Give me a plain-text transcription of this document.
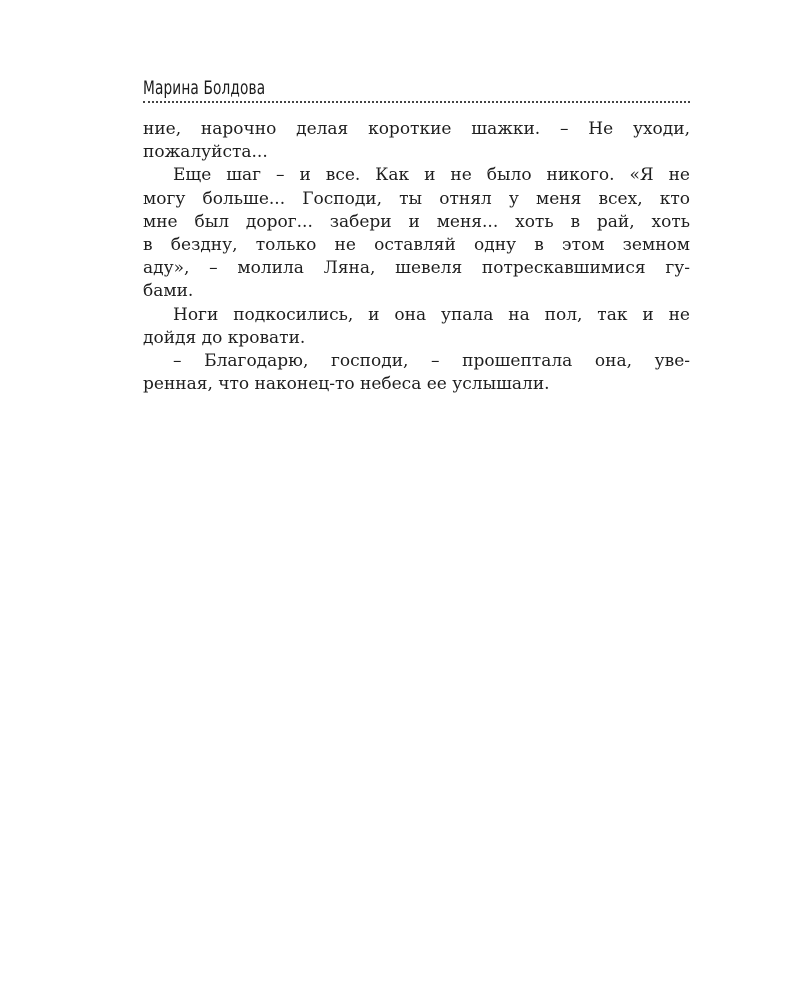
Марина Болдова
ние, нарочно делая короткие шажки. – Не уходи,
пожалуйста...
Еще шаг – и все. Как и не было никого. «Я не
могу больше... Господи, ты отнял у меня всех, кто
мне был дорог... забери и меня... хоть в рай, хоть
в бездну, только не оставляй одну в этом земном
аду», – молила Ляна, шевеля потрескавшимися гу-
бами.
Ноги подкосились, и она упала на пол, так и не
дойдя до кровати.
– Благодарю, господи, – прошептала она, уве-
ренная, что наконец-то небеса ее услышали.
